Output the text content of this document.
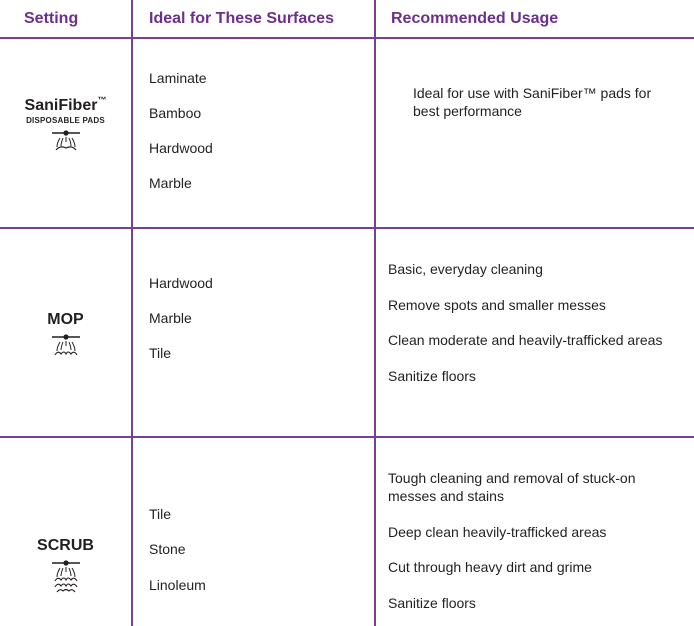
Setting	Ideal for These Surfaces	Recommended Usage
SaniFiber™
DISPOSABLE PADS
Laminate
Bamboo
Hardwood
Marble
Ideal for use with SaniFiber™ pads for best performance
MOP
Hardwood
Marble
Tile
Basic, everyday cleaning
Remove spots and smaller messes
Clean moderate and heavily-trafficked areas
Sanitize floors
SCRUB
Tile
Stone
Linoleum
Tough cleaning and removal of stuck-on messes and stains
Deep clean heavily-trafficked areas
Cut through heavy dirt and grime
Sanitize floors
